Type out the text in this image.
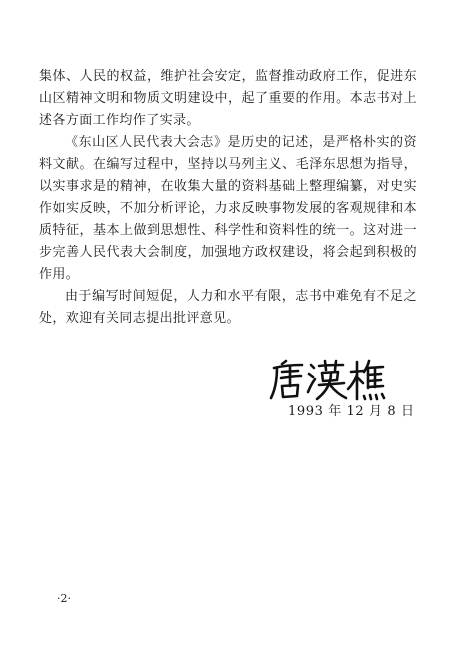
集体、人民的权益，维护社会安定，监督推动政府工作，促进东山区精神文明和物质文明建设中，起了重要的作用。本志书对上述各方面工作均作了实录。

《东山区人民代表大会志》是历史的记述，是严格朴实的资料文献。在编写过程中，坚持以马列主义、毛泽东思想为指导，以实事求是的精神，在收集大量的资料基础上整理编纂，对史实作如实反映，不加分析评论，力求反映事物发展的客观规律和本质特征，基本上做到思想性、科学性和资料性的统一。这对进一步完善人民代表大会制度，加强地方政权建设，将会起到积极的作用。

由于编写时间短促，人力和水平有限，志书中难免有不足之处，欢迎有关同志提出批评意见。

1993 年 12 月 8 日
·2·
